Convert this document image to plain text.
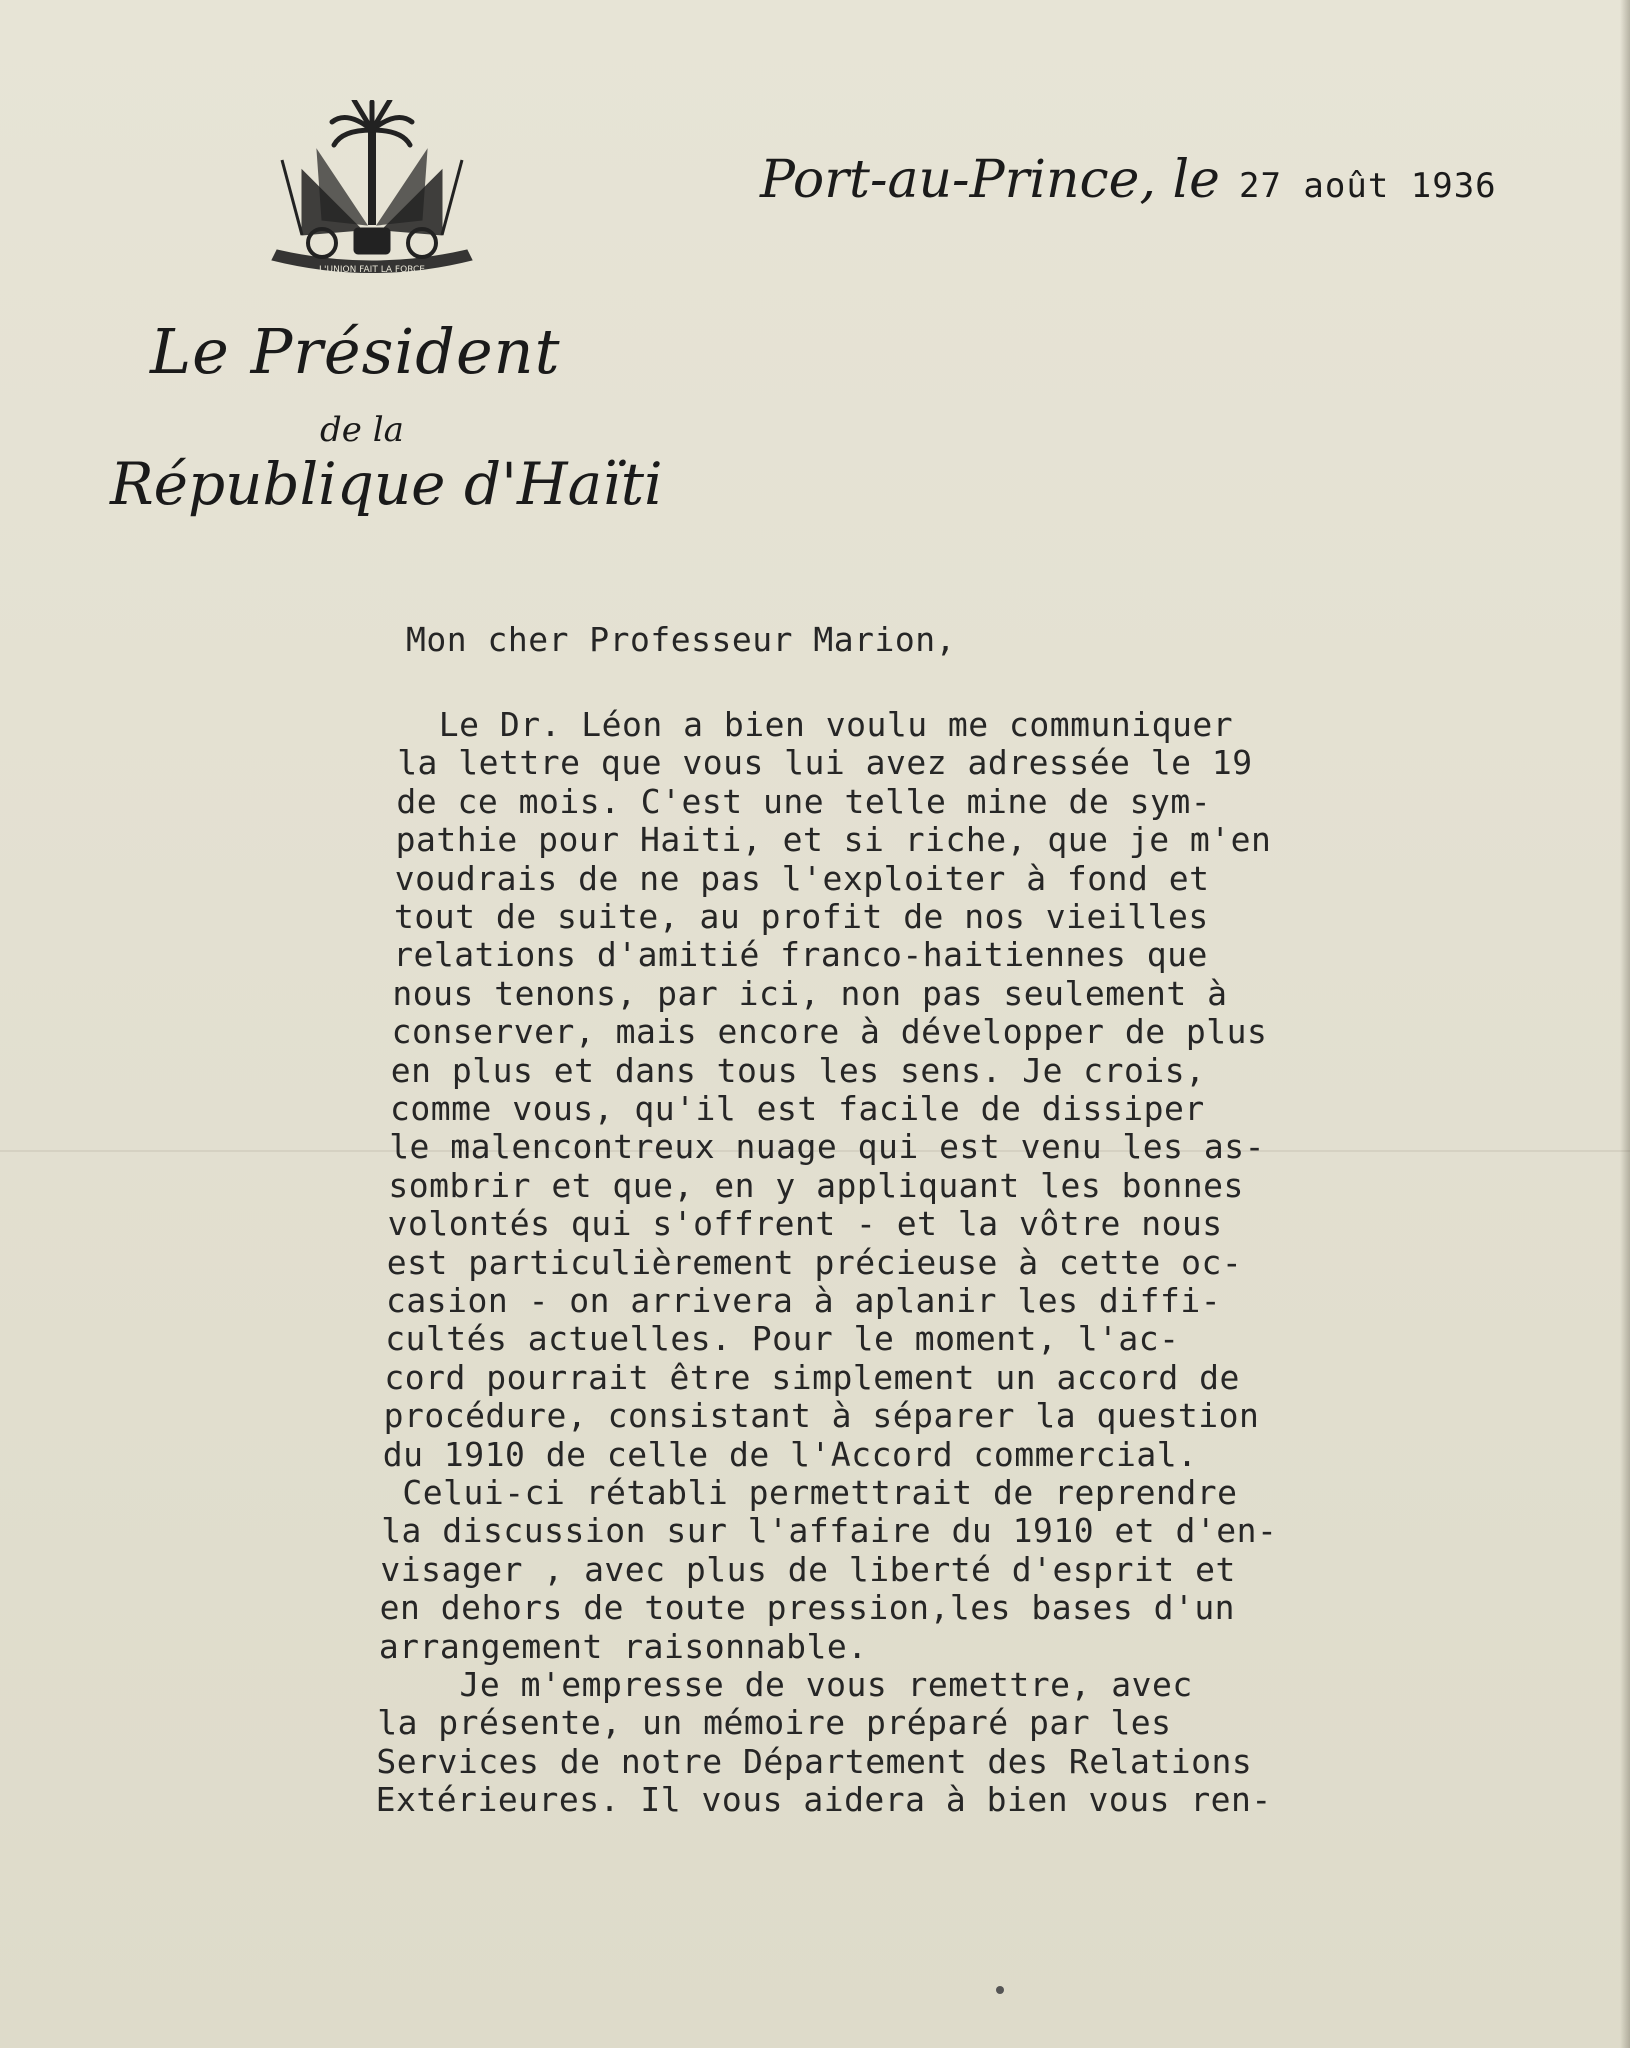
L'UNION FAIT LA FORCE
Le Président
de la
République d'Haïti
Port-au-Prince, le 27 août 1936
Mon cher Professeur Marion,
Le Dr. Léon a bien voulu me communiquer
la lettre que vous lui avez adressée le 19
de ce mois. C'est une telle mine de sym-
pathie pour Haiti, et si riche, que je m'en
voudrais de ne pas l'exploiter à fond et
tout de suite, au profit de nos vieilles
relations d'amitié franco-haitiennes que
nous tenons, par ici, non pas seulement à
conserver, mais encore à développer de plus
en plus et dans tous les sens. Je crois,
comme vous, qu'il est facile de dissiper
le malencontreux nuage qui est venu les as-
sombrir et que, en y appliquant les bonnes
volontés qui s'offrent - et la vôtre nous
est particulièrement précieuse à cette oc-
casion - on arrivera à aplanir les diffi-
cultés actuelles. Pour le moment, l'ac-
cord pourrait être simplement un accord de
procédure, consistant à séparer la question
du 1910 de celle de l'Accord commercial.
Celui-ci rétabli permettrait de reprendre
la discussion sur l'affaire du 1910 et d'en-
visager , avec plus de liberté d'esprit et
en dehors de toute pression,les bases d'un
arrangement raisonnable.
Je m'empresse de vous remettre, avec
la présente, un mémoire préparé par les
Services de notre Département des Relations
Extérieures. Il vous aidera à bien vous ren-
